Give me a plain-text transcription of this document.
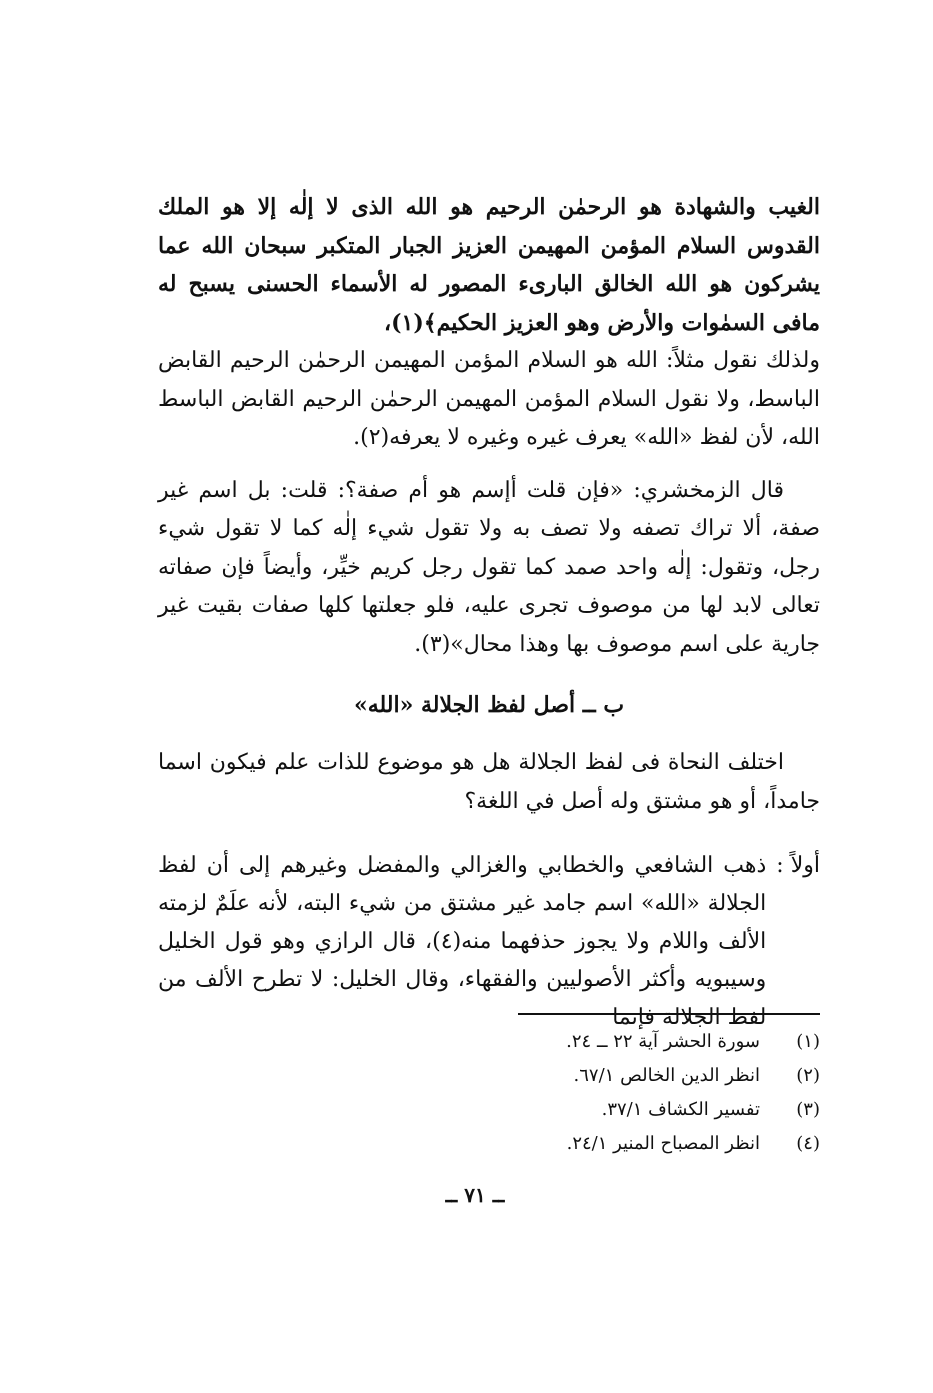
الغيب والشهادة هو الرحمٰن الرحيم هو الله الذى لا إلٰه إلا هو الملك القدوس السلام المؤمن المهيمن العزيز الجبار المتكبر سبحان الله عما يشركون هو الله الخالق البارىء المصور له الأسماء الحسنى يسبح له مافى السمٰوات والأرض وهو العزيز الحكيم﴾(١)،

ولذلك نقول مثلاً: الله هو السلام المؤمن المهيمن الرحمٰن الرحيم القابض الباسط، ولا نقول السلام المؤمن المهيمن الرحمٰن الرحيم القابض الباسط الله، لأن لفظ «الله» يعرف غيره وغيره لا يعرفه(٢).

قال الزمخشري: «فإن قلت أإسم هو أم صفة؟: قلت: بل اسم غير صفة، ألا تراك تصفه ولا تصف به ولا تقول شيء إلٰه كما لا تقول شيء رجل، وتقول: إلٰه واحد صمد كما تقول رجل كريم خيِّر، وأيضاً فإن صفاته تعالى لابد لها من موصوف تجرى عليه، فلو جعلتها كلها صفات بقيت غير جارية على اسم موصوف بها وهذا محال»(٣).

ب ــ أصل لفظ الجلالة «الله»

اختلف النحاة فى لفظ الجلالة هل هو موضوع للذات علم فيكون اسما جامداً، أو هو مشتق وله أصل في اللغة؟

أولاً :
ذهب الشافعي والخطابي والغزالي والمفضل وغيرهم إلى أن لفظ الجلالة «الله» اسم جامد غير مشتق من شيء البته، لأنه علَمٌ لزمته الألف واللام ولا يجوز حذفهما منه(٤)، قال الرازي وهو قول الخليل وسيبويه وأكثر الأصوليين والفقهاء، وقال الخليل: لا تطرح الألف من لفظ الجلالة فإنما
(١)
سورة الحشر آية ٢٢ ــ ٢٤.
(٢)
انظر الدين الخالص ٦٧/١.
(٣)
تفسير الكشاف ٣٧/١.
(٤)
انظر المصباح المنير ٢٤/١.
ــ ٧١ ــ
